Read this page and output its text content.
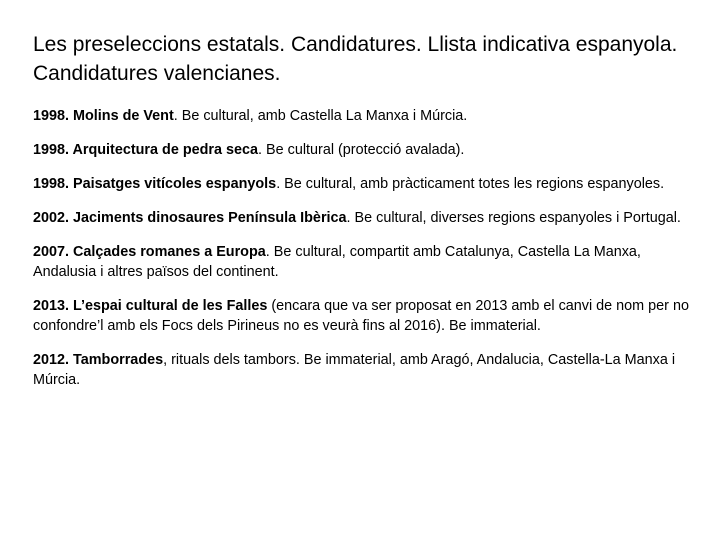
Les preseleccions estatals. Candidatures. Llista indicativa espanyola.
Candidatures valencianes.

1998. Molins de Vent. Be cultural, amb Castella La Manxa i Múrcia.

1998. Arquitectura de pedra seca. Be cultural (protecció avalada).

1998. Paisatges vitícoles espanyols. Be cultural, amb pràcticament totes les regions espanyoles.

2002. Jaciments dinosaures Península Ibèrica. Be cultural, diverses regions espanyoles i Portugal.

2007. Calçades romanes a Europa. Be cultural, compartit amb Catalunya, Castella La Manxa, Andalusia i altres països del continent.

2013. L’espai cultural de les Falles (encara que va ser proposat en 2013 amb el canvi de nom per no confondre’l amb els Focs dels Pirineus no es veurà fins al 2016). Be immaterial.

2012. Tamborrades, rituals dels tambors. Be immaterial, amb Aragó, Andalucia, Castella-La Manxa i Múrcia.
